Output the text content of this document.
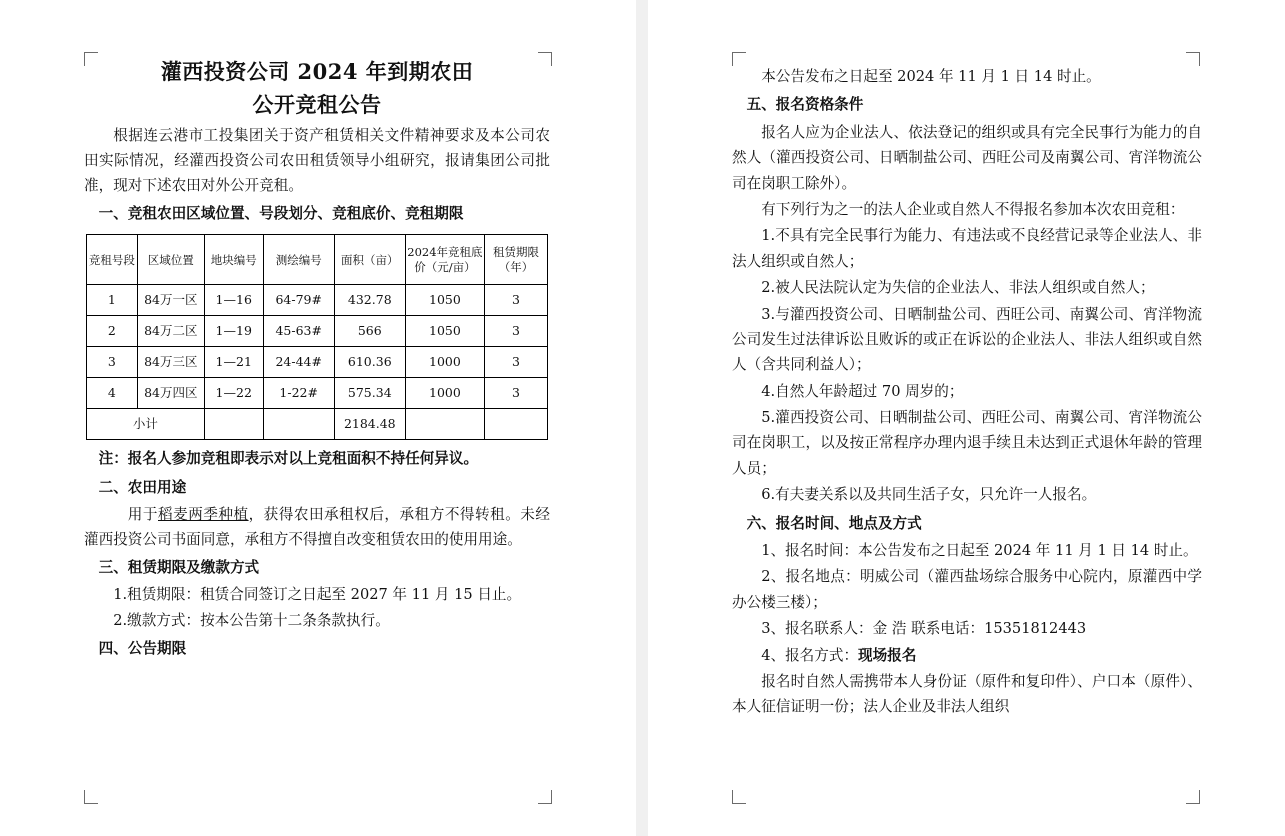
灌西投资公司 2024 年到期农田
公开竞租公告

根据连云港市工投集团关于资产租赁相关文件精神要求及本公司农田实际情况，经灌西投资公司农田租赁领导小组研究，报请集团公司批准，现对下述农田对外公开竞租。

一、竞租农田区域位置、号段划分、竞租底价、竞租期限

竞租号段	区域位置	地块编号	测绘编号	面积（亩）	2024年竞租底价（元/亩）	租赁期限（年）
1	84万一区	1—16	64-79#	432.78	1050	3
2	84万二区	1—19	45-63#	566	1050	3
3	84万三区	1—21	24-44#	610.36	1000	3
4	84万四区	1—22	1-22#	575.34	1000	3
小计				2184.48		

注：报名人参加竞租即表示对以上竞租面积不持任何异议。

二、农田用途

用于稻麦两季种植，获得农田承租权后，承租方不得转租。未经灌西投资公司书面同意，承租方不得擅自改变租赁农田的使用用途。

三、租赁期限及缴款方式

1.租赁期限：租赁合同签订之日起至 2027 年 11 月 15 日止。

2.缴款方式：按本公告第十二条条款执行。

四、公告期限

本公告发布之日起至 2024 年 11 月 1 日 14 时止。

五、报名资格条件

报名人应为企业法人、依法登记的组织或具有完全民事行为能力的自然人（灌西投资公司、日晒制盐公司、西旺公司及南翼公司、宵洋物流公司在岗职工除外）。

有下列行为之一的法人企业或自然人不得报名参加本次农田竞租：

1.不具有完全民事行为能力、有违法或不良经营记录等企业法人、非法人组织或自然人；

2.被人民法院认定为失信的企业法人、非法人组织或自然人；

3.与灌西投资公司、日晒制盐公司、西旺公司、南翼公司、宵洋物流公司发生过法律诉讼且败诉的或正在诉讼的企业法人、非法人组织或自然人（含共同利益人）；

4.自然人年龄超过 70 周岁的；

5.灌西投资公司、日晒制盐公司、西旺公司、南翼公司、宵洋物流公司在岗职工，以及按正常程序办理内退手续且未达到正式退休年龄的管理人员；

6.有夫妻关系以及共同生活子女，只允许一人报名。

六、报名时间、地点及方式

1、报名时间：本公告发布之日起至 2024 年 11 月 1 日 14 时止。

2、报名地点：明威公司（灌西盐场综合服务中心院内，原灌西中学办公楼三楼）；

3、报名联系人：金 浩 联系电话：15351812443

4、报名方式：现场报名

报名时自然人需携带本人身份证（原件和复印件）、户口本（原件）、本人征信证明一份；法人企业及非法人组织
